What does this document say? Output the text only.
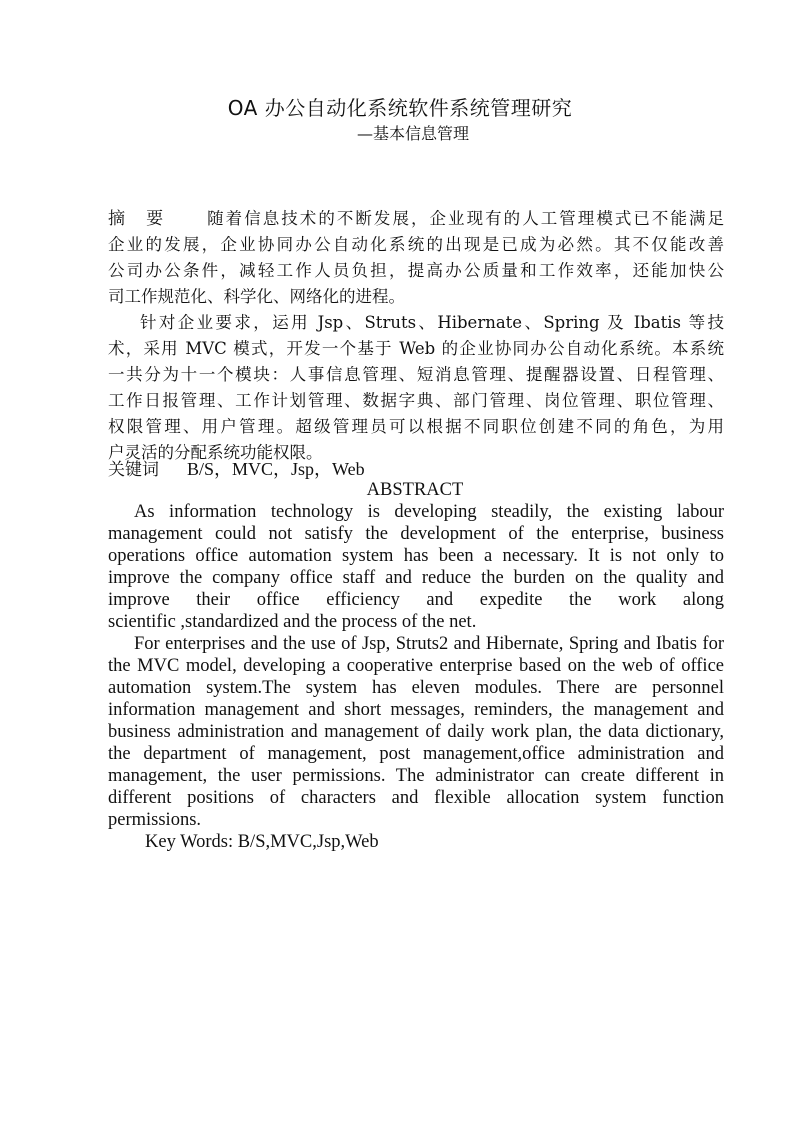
OA 办公自动化系统软件系统管理研究
—基本信息管理
摘　要 随着信息技术的不断发展，企业现有的人工管理模式已不能满足
企业的发展，企业协同办公自动化系统的出现是已成为必然。其不仅能改善
公司办公条件，减轻工作人员负担，提高办公质量和工作效率，还能加快公
司工作规范化、科学化、网络化的进程。
针对企业要求，运用 Jsp、Struts、Hibernate、Spring 及 Ibatis 等技
术，采用 MVC 模式，开发一个基于 Web 的企业协同办公自动化系统。本系统
一共分为十一个模块：人事信息管理、短消息管理、提醒器设置、日程管理、
工作日报管理、工作计划管理、数据字典、部门管理、岗位管理、职位管理、
权限管理、用户管理。超级管理员可以根据不同职位创建不同的角色，为用
户灵活的分配系统功能权限。
关键词 B/S，MVC，Jsp，Web
ABSTRACT
As information technology is developing steadily, the existing labour
management could not satisfy the development of the enterprise, business
operations office automation system has been a necessary. It is not only to
improve the company office staff and reduce the burden on the quality and
improve their office efficiency and expedite the work along
scientific ,standardized and the process of the net.
For enterprises and the use of Jsp, Struts2 and Hibernate, Spring and Ibatis for
the MVC model, developing a cooperative enterprise based on the web of office
automation system.The system has eleven modules. There are personnel
information management and short messages, reminders, the management and
business administration and management of daily work plan, the data dictionary,
the department of management, post management,office administration and
management, the user permissions. The administrator can create different in
different positions of characters and flexible allocation system function
permissions.
Key Words: B/S,MVC,Jsp,Web
